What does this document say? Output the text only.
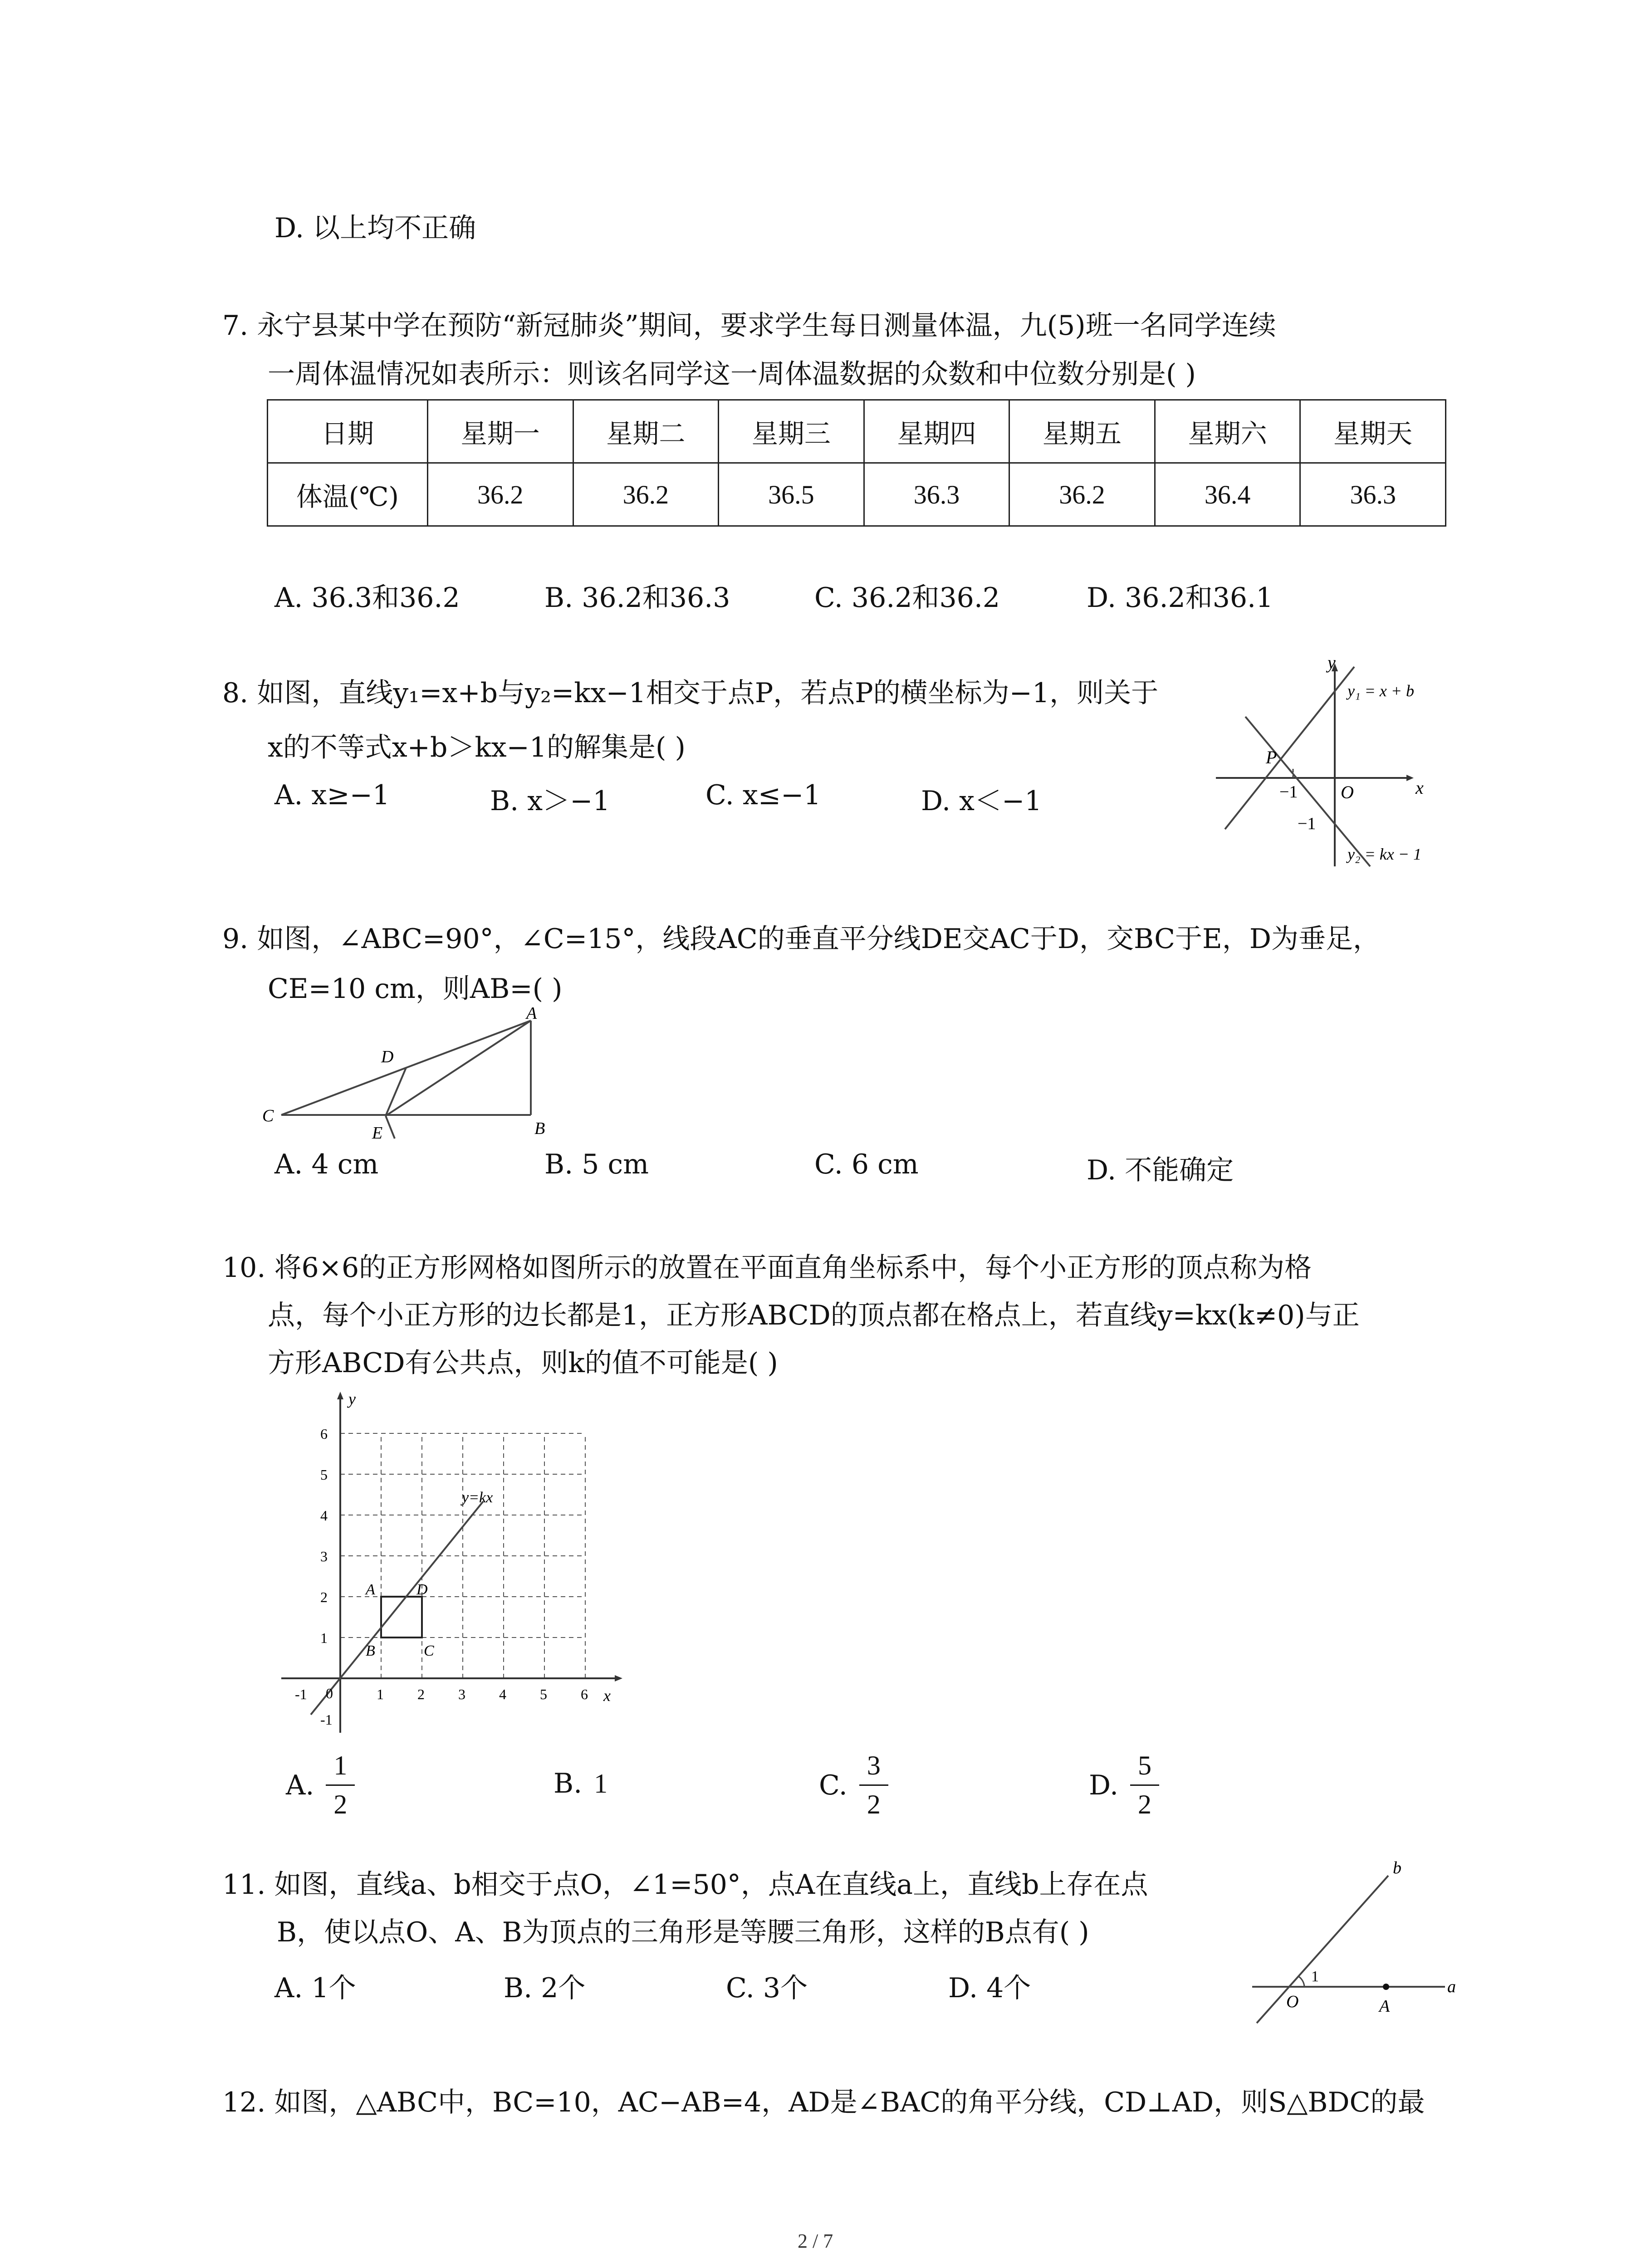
D. 以上均不正确
7. 永宁县某中学在预防“新冠肺炎”期间，要求学生每日测量体温，九(5)班一名同学连续
一周体温情况如表所示：则该名同学这一周体温数据的众数和中位数分别是( )
日期	星期一	星期二	星期三	星期四	星期五	星期六	星期天
体温(℃)	36.2	36.2	36.5	36.3	36.2	36.4	36.3
A. 36.3和36.2	B. 36.2和36.3	C. 36.2和36.2	D. 36.2和36.1
8. 如图，直线y₁=x+b与y₂=kx−1相交于点P，若点P的横坐标为−1，则关于
x的不等式x+b＞kx−1的解集是( )
A. x≥−1	B. x＞−1	C. x≤−1	D. x＜−1
y
x
O
P
−1
−1
y₁ = x + b
y₂ = kx − 1
9. 如图，∠ABC=90°，∠C=15°，线段AC的垂直平分线DE交AC于D，交BC于E，D为垂足，
CE=10 cm，则AB=( )
A
B
C
D
E
A. 4 cm	B. 5 cm	C. 6 cm	D. 不能确定
10. 将6×6的正方形网格如图所示的放置在平面直角坐标系中，每个小正方形的顶点称为格
点，每个小正方形的边长都是1，正方形ABCD的顶点都在格点上，若直线y=kx(k≠0)与正
方形ABCD有公共点，则k的值不可能是( )
-1	1 2 3 4 5 6
1
2
3
4
5
6
-1
y
x
0
y=kx
A
B	C
D
A. $\frac{1}{2}$	B. 1	C. $\frac{3}{2}$	D. $\frac{5}{2}$
11. 如图，直线a、b相交于点O，∠1=50°，点A在直线a上，直线b上存在点
B，使以点O、A、B为顶点的三角形是等腰三角形，这样的B点有( )
A. 1个	B. 2个	C. 3个	D. 4个
b
a
O	A
1
12. 如图，△ABC中，BC=10，AC−AB=4，AD是∠BAC的角平分线，CD⊥AD，则S△BDC的最
2 / 7
